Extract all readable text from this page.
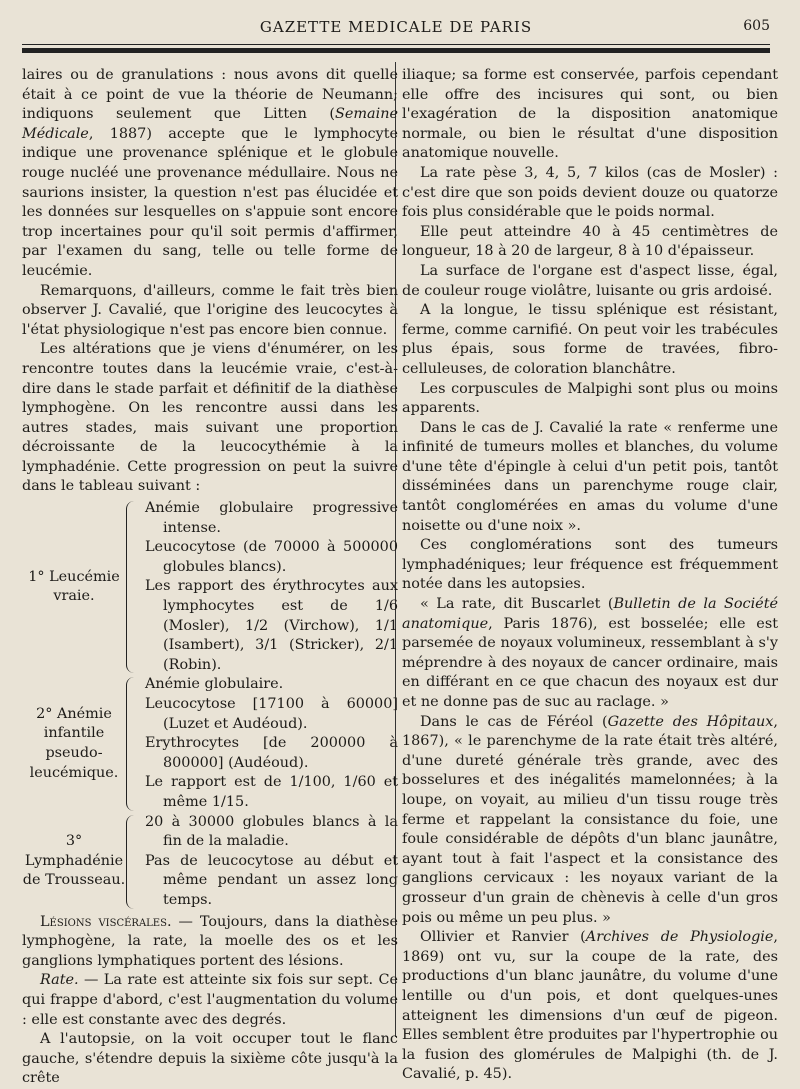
GAZETTE MEDICALE DE PARIS	605

laires ou de granulations : nous avons dit quelle était à ce point de vue la théorie de Neumann; indiquons seulement que Litten (Semaine Médicale, 1887) accepte que le lymphocyte indique une provenance splénique et le globule rouge nucléé une provenance médullaire. Nous ne saurions insister, la question n'est pas élucidée et les données sur lesquelles on s'appuie sont encore trop incertaines pour qu'il soit permis d'affirmer, par l'examen du sang, telle ou telle forme de leucémie.

Remarquons, d'ailleurs, comme le fait très bien observer J. Cavalié, que l'origine des leucocytes à l'état physiologique n'est pas encore bien connue.

Les altérations que je viens d'énumérer, on les rencontre toutes dans la leucémie vraie, c'est-à-dire dans le stade parfait et définitif de la diathèse lymphogène. On les rencontre aussi dans les autres stades, mais suivant une proportion décroissante de la leucocythémie à la lymphadénie. Cette progression on peut la suivre dans le tableau suivant :

1° Leucémie vraie.
Anémie globulaire progressive intense.
Leucocytose (de 70000 à 500000 globules blancs).
Les rapport des érythrocytes aux lymphocytes est de 1/6 (Mosler), 1/2 (Virchow), 1/1 (Isambert), 3/1 (Stricker), 2/1 (Robin).
2° Anémie infantile pseudo-leucémique.
Anémie globulaire.
Leucocytose [17100 à 60000] (Luzet et Audéoud).
Erythrocytes [de 200000 à 800000] (Audéoud).
Le rapport est de 1/100, 1/60 et même 1/15.
3° Lymphadénie de Trousseau.
20 à 30000 globules blancs à la fin de la maladie.
Pas de leucocytose au début et même pendant un assez long temps.

Lésions viscérales. — Toujours, dans la diathèse lymphogène, la rate, la moelle des os et les ganglions lymphatiques portent des lésions.

Rate. — La rate est atteinte six fois sur sept. Ce qui frappe d'abord, c'est l'augmentation du volume : elle est constante avec des degrés.

A l'autopsie, on la voit occuper tout le flanc gauche, s'étendre depuis la sixième côte jusqu'à la crête

iliaque; sa forme est conservée, parfois cependant elle offre des incisures qui sont, ou bien l'exagération de la disposition anatomique normale, ou bien le résultat d'une disposition anatomique nouvelle.

La rate pèse 3, 4, 5, 7 kilos (cas de Mosler) : c'est dire que son poids devient douze ou quatorze fois plus considérable que le poids normal.

Elle peut atteindre 40 à 45 centimètres de longueur, 18 à 20 de largeur, 8 à 10 d'épaisseur.

La surface de l'organe est d'aspect lisse, égal, de couleur rouge violâtre, luisante ou gris ardoisé.

A la longue, le tissu splénique est résistant, ferme, comme carnifié. On peut voir les trabécules plus épais, sous forme de travées, fibro-celluleuses, de coloration blanchâtre.

Les corpuscules de Malpighi sont plus ou moins apparents.

Dans le cas de J. Cavalié la rate « renferme une infinité de tumeurs molles et blanches, du volume d'une tête d'épingle à celui d'un petit pois, tantôt disséminées dans un parenchyme rouge clair, tantôt conglomérées en amas du volume d'une noisette ou d'une noix ».

Ces conglomérations sont des tumeurs lymphadéniques; leur fréquence est fréquemment notée dans les autopsies.

« La rate, dit Buscarlet (Bulletin de la Société anatomique, Paris 1876), est bosselée; elle est parsemée de noyaux volumineux, ressemblant à s'y méprendre à des noyaux de cancer ordinaire, mais en différant en ce que chacun des noyaux est dur et ne donne pas de suc au raclage. »

Dans le cas de Féréol (Gazette des Hôpitaux, 1867), « le parenchyme de la rate était très altéré, d'une dureté générale très grande, avec des bosselures et des inégalités mamelonnées; à la loupe, on voyait, au milieu d'un tissu rouge très ferme et rappelant la consistance du foie, une foule considérable de dépôts d'un blanc jaunâtre, ayant tout à fait l'aspect et la consistance des ganglions cervicaux : les noyaux variant de la grosseur d'un grain de chènevis à celle d'un gros pois ou même un peu plus. »

Ollivier et Ranvier (Archives de Physiologie, 1869) ont vu, sur la coupe de la rate, des productions d'un blanc jaunâtre, du volume d'une lentille ou d'un pois, et dont quelques-unes atteignent les dimensions d'un œuf de pigeon. Elles semblent être produites par l'hypertrophie ou la fusion des glomérules de Malpighi (th. de J. Cavalié, p. 45).
